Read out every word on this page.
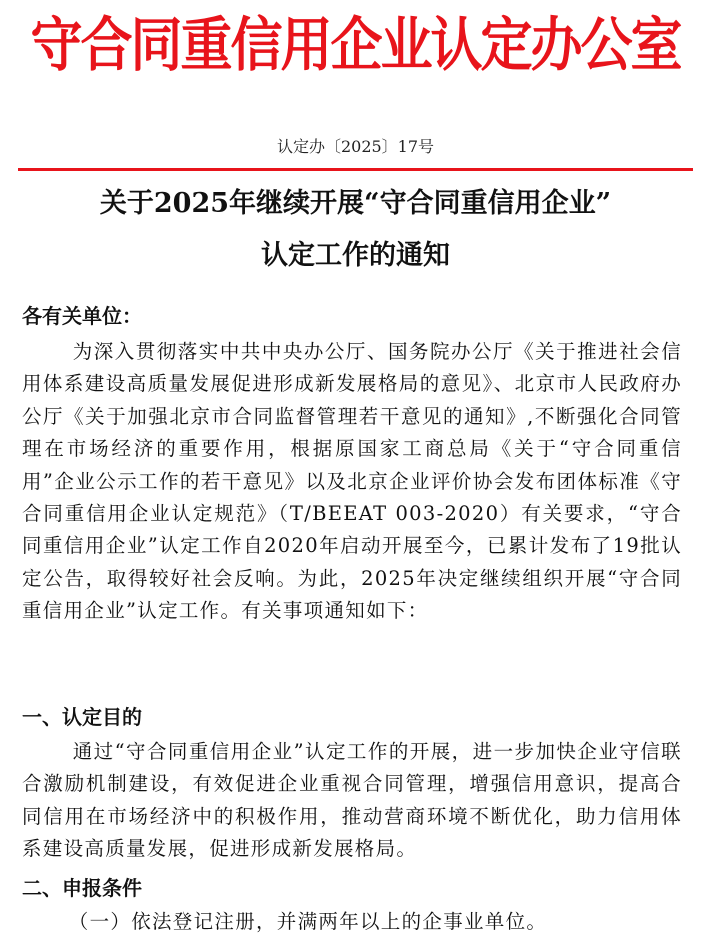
守合同重信用企业认定办公室
认定办〔2025〕17号
关于2025年继续开展“守合同重信用企业”
认定工作的通知
各有关单位：

为深入贯彻落实中共中央办公厅、国务院办公厅《关于推进社会信用体系建设高质量发展促进形成新发展格局的意见》、北京市人民政府办公厅《关于加强北京市合同监督管理若干意见的通知》,不断强化合同管理在市场经济的重要作用，根据原国家工商总局《关于“守合同重信用”企业公示工作的若干意见》以及北京企业评价协会发布团体标准《守合同重信用企业认定规范》（T/BEEAT 003-2020）有关要求，“守合同重信用企业”认定工作自2020年启动开展至今，已累计发布了19批认定公告，取得较好社会反响。为此，2025年决定继续组织开展“守合同重信用企业”认定工作。有关事项通知如下：

一、认定目的

通过“守合同重信用企业”认定工作的开展，进一步加快企业守信联合激励机制建设，有效促进企业重视合同管理，增强信用意识，提高合同信用在市场经济中的积极作用，推动营商环境不断优化，助力信用体系建设高质量发展，促进形成新发展格局。

二、申报条件
（一）依法登记注册，并满两年以上的企事业单位。
